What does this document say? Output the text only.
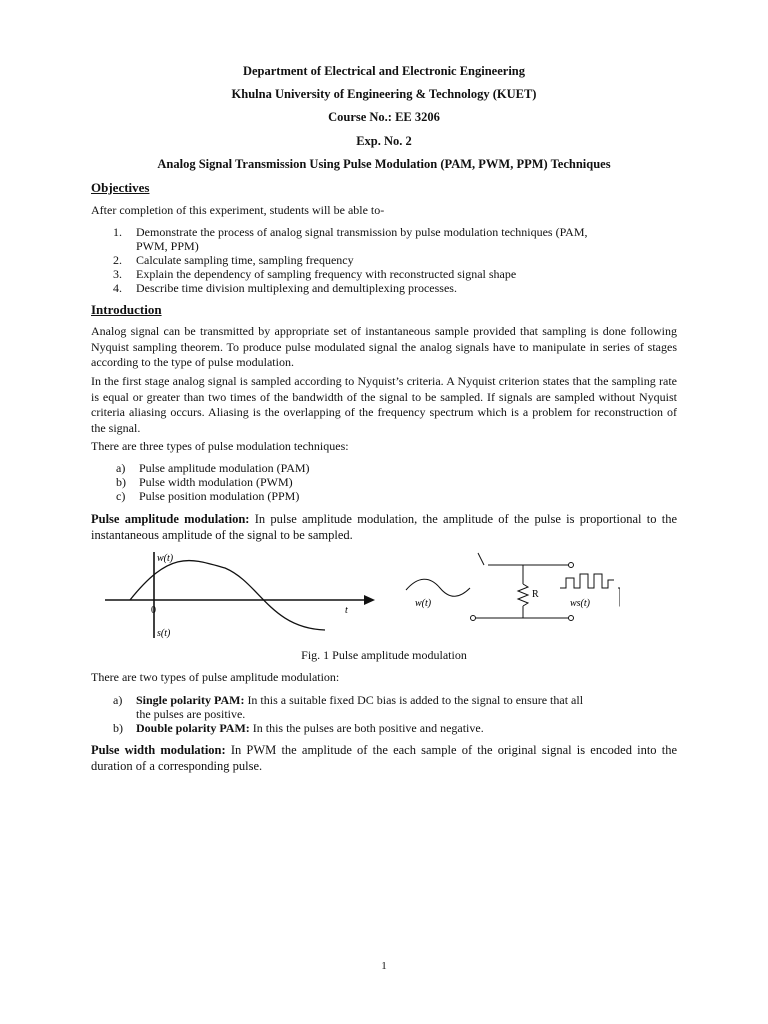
Department of Electrical and Electronic Engineering
Khulna University of Engineering & Technology (KUET)
Course No.: EE 3206
Exp. No. 2
Analog Signal Transmission Using Pulse Modulation (PAM, PWM, PPM) Techniques
Objectives
After completion of this experiment, students will be able to-
1. Demonstrate the process of analog signal transmission by pulse modulation techniques (PAM,
PWM, PPM)
2. Calculate sampling time, sampling frequency
3. Explain the dependency of sampling frequency with reconstructed signal shape
4. Describe time division multiplexing and demultiplexing processes.
Introduction
Analog signal can be transmitted by appropriate set of instantaneous sample provided that sampling is done following Nyquist sampling theorem. To produce pulse modulated signal the analog signals have to manipulate in series of stages according to the type of pulse modulation.
In the first stage analog signal is sampled according to Nyquist’s criteria. A Nyquist criterion states that the sampling rate is equal or greater than two times of the bandwidth of the signal to be sampled. If signals are sampled without Nyquist criteria aliasing occurs. Aliasing is the overlapping of the frequency spectrum which is a problem for reconstruction of the signal.
There are three types of pulse modulation techniques:
a) Pulse amplitude modulation (PAM)
b) Pulse width modulation (PWM)
c) Pulse position modulation (PPM)
Pulse amplitude modulation: In pulse amplitude modulation, the amplitude of the pulse is proportional to the instantaneous amplitude of the signal to be sampled.
w(t)
0	t
s(t)
w(t)
R
ws(t)
Fig. 1 Pulse amplitude modulation
There are two types of pulse amplitude modulation:
a) Single polarity PAM: In this a suitable fixed DC bias is added to the signal to ensure that all
the pulses are positive.
b) Double polarity PAM: In this the pulses are both positive and negative.
Pulse width modulation: In PWM the amplitude of the each sample of the original signal is encoded into the duration of a corresponding pulse.
1
